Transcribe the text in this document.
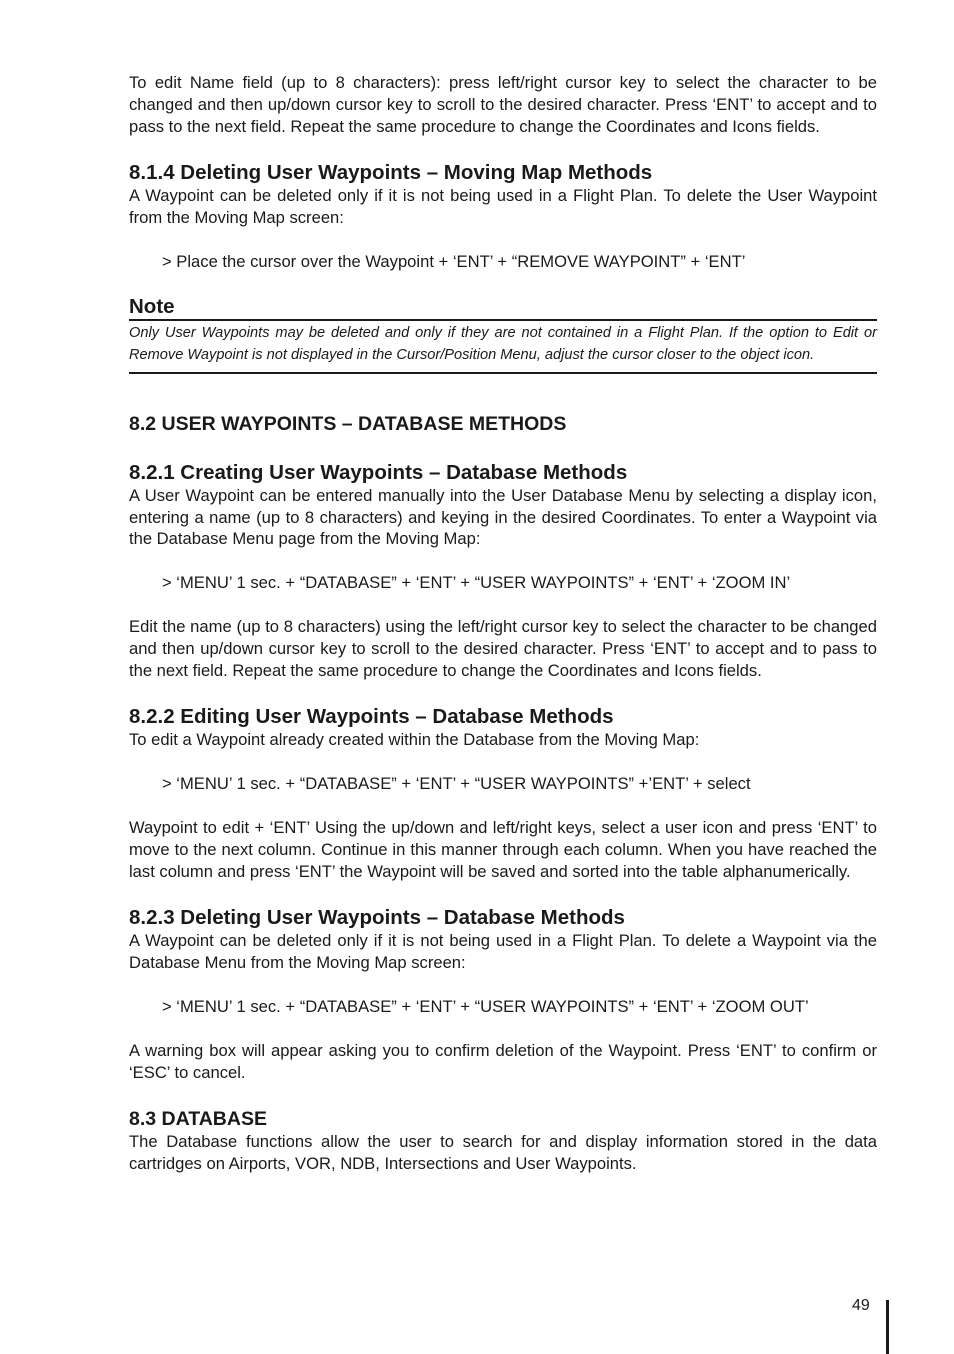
To edit Name field (up to 8 characters): press left/right cursor key to select the character to be changed and then up/down cursor key to scroll to the desired character. Press ‘ENT’ to accept and to pass to the next field. Repeat the same procedure to change the Coordinates and Icons fields.

8.1.4 Deleting User Waypoints – Moving Map Methods

A Waypoint can be deleted only if it is not being used in a Flight Plan. To delete the User Waypoint from the Moving Map screen:

> Place the cursor over the Waypoint + ‘ENT’ + “REMOVE WAYPOINT” + ‘ENT’
Note
Only User Waypoints may be deleted and only if they are not contained in a Flight Plan. If the option to Edit or Remove Waypoint is not displayed in the Cursor/Position Menu, adjust the cursor closer to the object icon.
8.2 USER WAYPOINTS – DATABASE METHODS
8.2.1 Creating User Waypoints – Database Methods

A User Waypoint can be entered manually into the User Database Menu by selecting a display icon, entering a name (up to 8 characters) and keying in the desired Coordinates. To enter a Waypoint via the Database Menu page from the Moving Map:

> ‘MENU’ 1 sec. + “DATABASE” + ‘ENT’ + “USER WAYPOINTS” + ‘ENT’ + ‘ZOOM IN’

Edit the name (up to 8 characters) using the left/right cursor key to select the character to be changed and then up/down cursor key to scroll to the desired character. Press ‘ENT’ to accept and to pass to the next field. Repeat the same procedure to change the Coordinates and Icons fields.

8.2.2 Editing User Waypoints – Database Methods

To edit a Waypoint already created within the Database from the Moving Map:

> ‘MENU’ 1 sec. + “DATABASE” + ‘ENT’ + “USER WAYPOINTS” +’ENT’ + select

Waypoint to edit + ‘ENT’ Using the up/down and left/right keys, select a user icon and press ‘ENT’ to move to the next column. Continue in this manner through each column. When you have reached the last column and press ‘ENT’ the Waypoint will be saved and sorted into the table alphanumerically.

8.2.3 Deleting User Waypoints – Database Methods

A Waypoint can be deleted only if it is not being used in a Flight Plan. To delete a Waypoint via the Database Menu from the Moving Map screen:

> ‘MENU’ 1 sec. + “DATABASE” + ‘ENT’ + “USER WAYPOINTS” + ‘ENT’ + ‘ZOOM OUT’

A warning box will appear asking you to confirm deletion of the Waypoint. Press ‘ENT’ to confirm or ‘ESC’ to cancel.

8.3 DATABASE

The Database functions allow the user to search for and display information stored in the data cartridges on Airports, VOR, NDB, Intersections and User Waypoints.

49
